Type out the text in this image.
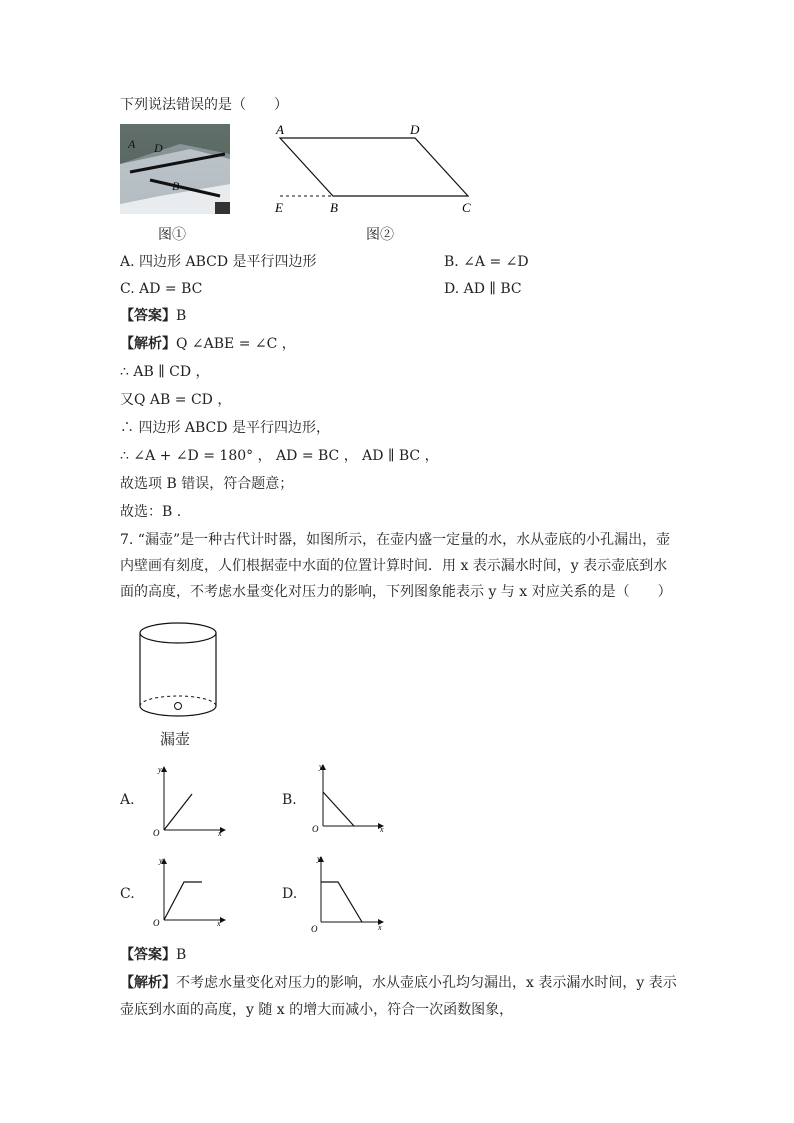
下列说法错误的是（　　）
A D
B
A	D
E	B	C
图①	图②
A. 四边形 ABCD 是平行四边形	B. ∠A = ∠D
C. AD = BC	D. AD ∥ BC
【答案】B
【解析】Q ∠ABE = ∠C ，
∴ AB ∥ CD ，
又Q AB = CD ，
∴ 四边形 ABCD 是平行四边形，
∴ ∠A + ∠D = 180° ， AD = BC ， AD ∥ BC ，
故选项 B 错误，符合题意；
故选：B .
7. “漏壶”是一种古代计时器，如图所示，在壶内盛一定量的水，水从壶底的小孔漏出，壶
内壁画有刻度，人们根据壶中水面的位置计算时间．用 x 表示漏水时间，y 表示壶底到水
面的高度，不考虑水量变化对压力的影响，下列图象能表示 y 与 x 对应关系的是（　　）
漏壶
A.
y
x
O
B.
y
x
O
C.
y
x
O
D.
y
x
O
【答案】B
【解析】不考虑水量变化对压力的影响，水从壶底小孔均匀漏出，x 表示漏水时间，y 表示
壶底到水面的高度，y 随 x 的增大而减小，符合一次函数图象，
